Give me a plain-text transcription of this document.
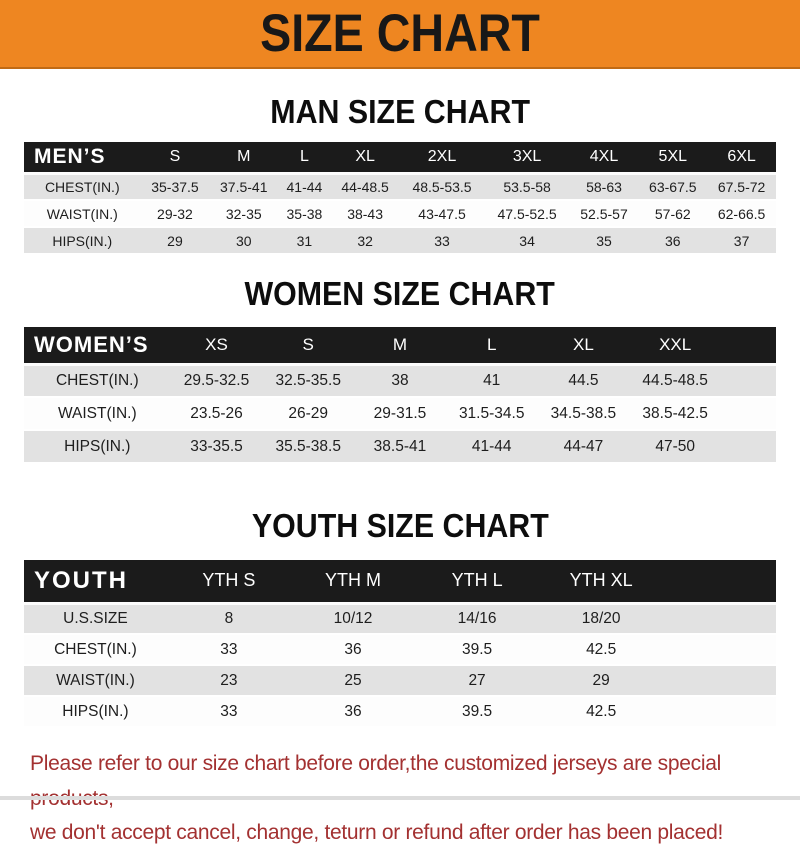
SIZE CHART
MAN SIZE CHART
MEN’S	S	M	L	XL	2XL	3XL	4XL	5XL	6XL
CHEST(IN.)	35-37.5	37.5-41	41-44	44-48.5	48.5-53.5	53.5-58	58-63	63-67.5	67.5-72
WAIST(IN.)	29-32	32-35	35-38	38-43	43-47.5	47.5-52.5	52.5-57	57-62	62-66.5
HIPS(IN.)	29	30	31	32	33	34	35	36	37
WOMEN SIZE CHART
WOMEN’S	XS	S	M	L	XL	XXL	
CHEST(IN.)	29.5-32.5	32.5-35.5	38	41	44.5	44.5-48.5	
WAIST(IN.)	23.5-26	26-29	29-31.5	31.5-34.5	34.5-38.5	38.5-42.5	
HIPS(IN.)	33-35.5	35.5-38.5	38.5-41	41-44	44-47	47-50	
YOUTH SIZE CHART
YOUTH	YTH S	YTH M	YTH L	YTH XL	
U.S.SIZE	8	10/12	14/16	18/20	
CHEST(IN.)	33	36	39.5	42.5	
WAIST(IN.)	23	25	27	29	
HIPS(IN.)	33	36	39.5	42.5	
Please refer to our size chart before order,the customized jerseys are special
we don't accept cancel, change, teturn or refund after order has been placed!
